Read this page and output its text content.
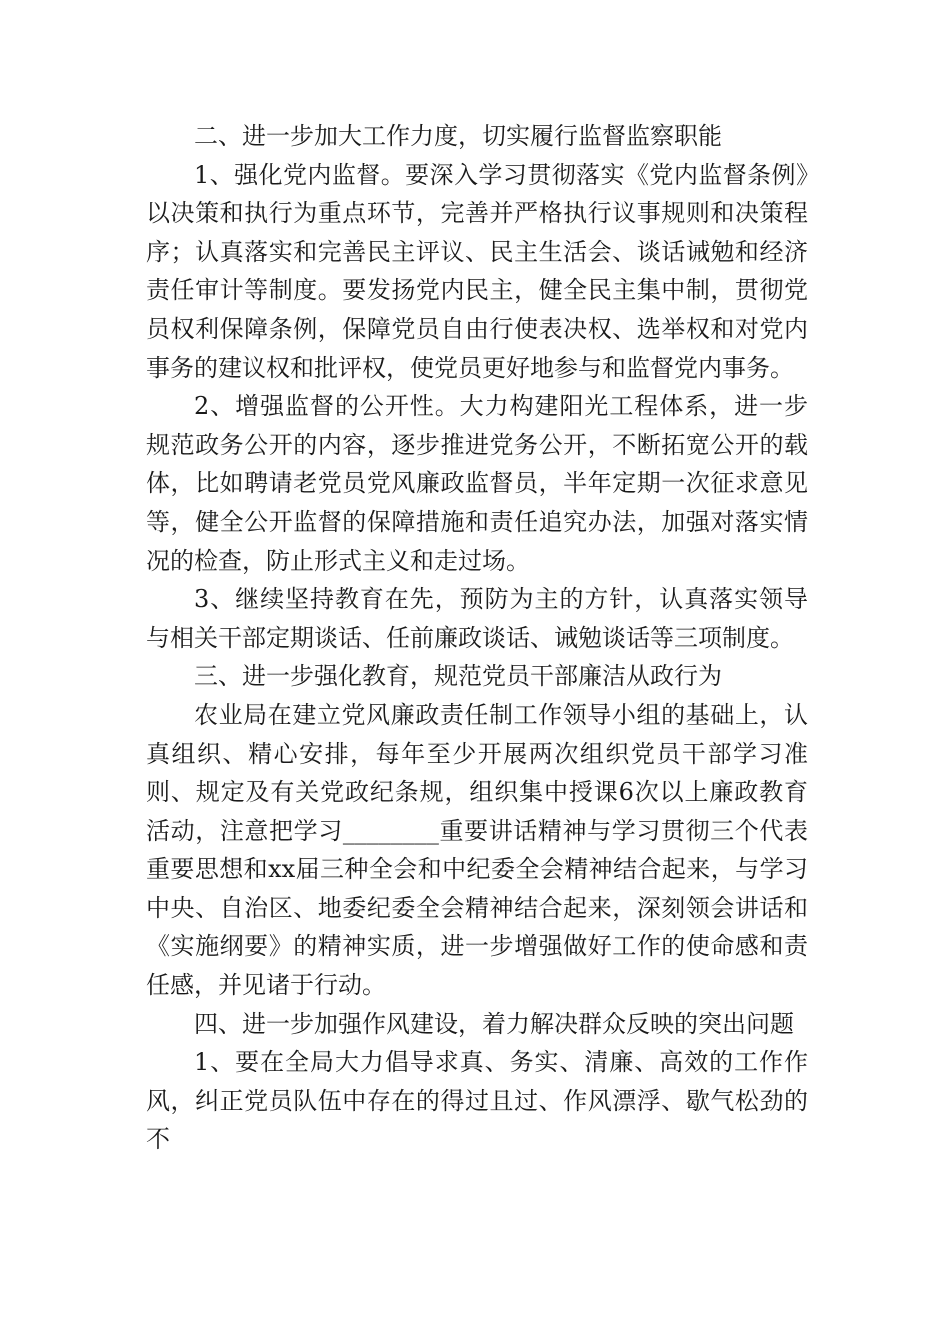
二、进一步加大工作力度，切实履行监督监察职能

1、强化党内监督。要深入学习贯彻落实《党内监督条例》以决策和执行为重点环节，完善并严格执行议事规则和决策程序；认真落实和完善民主评议、民主生活会、谈话诫勉和经济责任审计等制度。要发扬党内民主，健全民主集中制，贯彻党员权利保障条例，保障党员自由行使表决权、选举权和对党内事务的建议权和批评权，使党员更好地参与和监督党内事务。

2、增强监督的公开性。大力构建阳光工程体系，进一步规范政务公开的内容，逐步推进党务公开，不断拓宽公开的载体，比如聘请老党员党风廉政监督员，半年定期一次征求意见等，健全公开监督的保障措施和责任追究办法，加强对落实情况的检查，防止形式主义和走过场。

3、继续坚持教育在先，预防为主的方针，认真落实领导与相关干部定期谈话、任前廉政谈话、诫勉谈话等三项制度。

三、进一步强化教育，规范党员干部廉洁从政行为

农业局在建立党风廉政责任制工作领导小组的基础上，认真组织、精心安排，每年至少开展两次组织党员干部学习准则、规定及有关党政纪条规，组织集中授课6次以上廉政教育活动，注意把学习________重要讲话精神与学习贯彻三个代表重要思想和xx届三种全会和中纪委全会精神结合起来，与学习中央、自治区、地委纪委全会精神结合起来，深刻领会讲话和《实施纲要》的精神实质，进一步增强做好工作的使命感和责任感，并见诸于行动。

四、进一步加强作风建设，着力解决群众反映的突出问题

1、要在全局大力倡导求真、务实、清廉、高效的工作作风，纠正党员队伍中存在的得过且过、作风漂浮、歇气松劲的不
